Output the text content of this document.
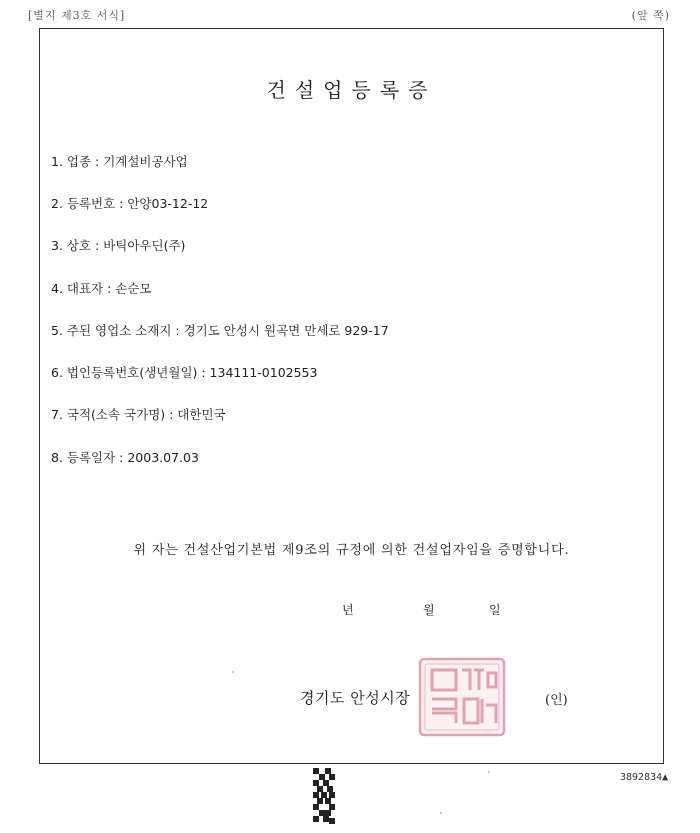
[별지 제3호 서식]	(앞 쪽)
건설업등록증
1. 업종 : 기계설비공사업
2. 등록번호 : 안양03-12-12
3. 상호 : 바틱아우딘(주)
4. 대표자 : 손순모
5. 주된 영업소 소재지 : 경기도 안성시 원곡면 만세로 929-17
6. 법인등록번호(생년월일) : 134111-0102553
7. 국적(소속 국가명) : 대한민국
8. 등록일자 : 2003.07.03
위 자는 건설산업기본법 제9조의 규정에 의한 건설업자임을 증명합니다.
년	월	일
경기도 안성시장	(인)
3892834▲
